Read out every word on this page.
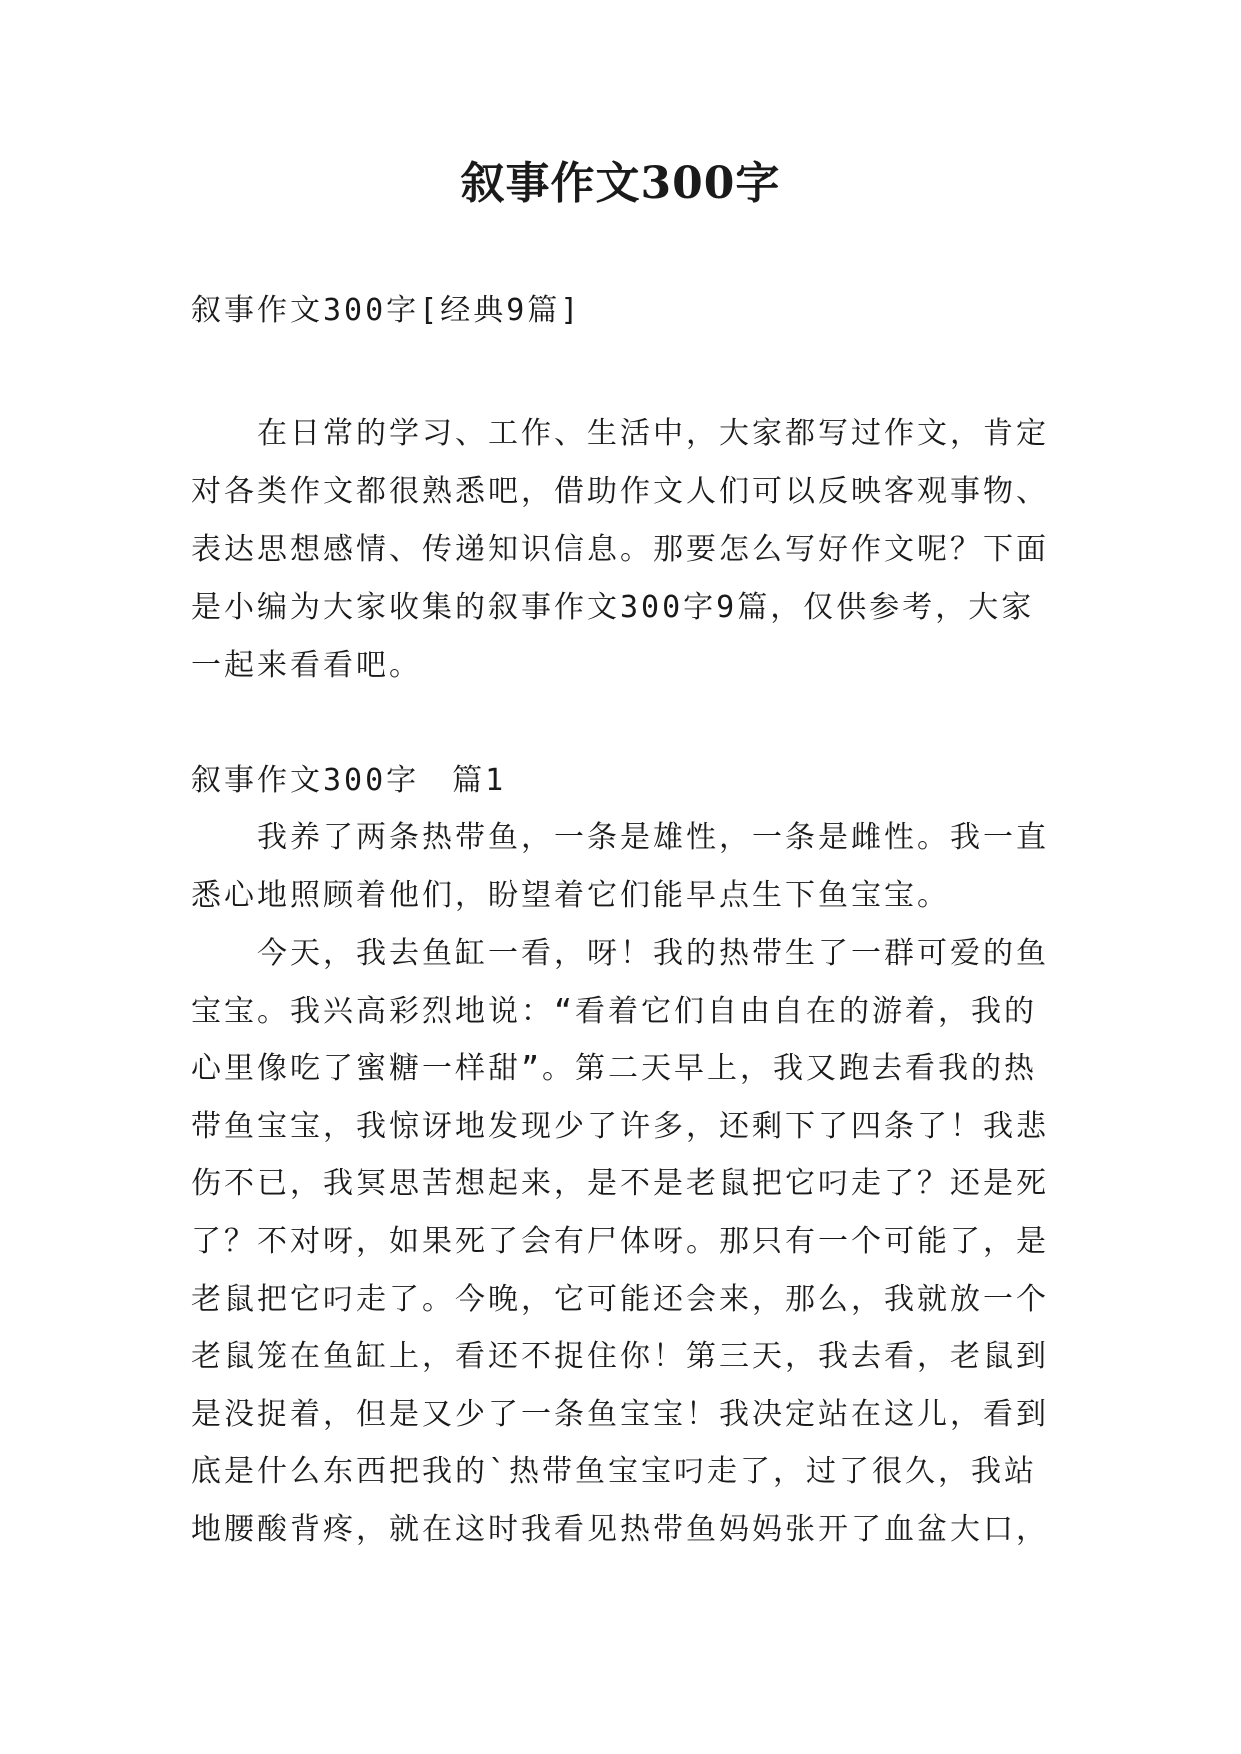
叙事作文300字

叙事作文300字[经典9篇]

在日常的学习、工作、生活中，大家都写过作文，肯定对各类作文都很熟悉吧，借助作文人们可以反映客观事物、表达思想感情、传递知识信息。那要怎么写好作文呢？下面是小编为大家收集的叙事作文300字9篇，仅供参考，大家一起来看看吧。

叙事作文300字　篇1

我养了两条热带鱼，一条是雄性，一条是雌性。我一直悉心地照顾着他们，盼望着它们能早点生下鱼宝宝。

今天，我去鱼缸一看，呀！我的热带生了一群可爱的鱼宝宝。我兴高彩烈地说：“看着它们自由自在的游着，我的心里像吃了蜜糖一样甜”。第二天早上，我又跑去看我的热带鱼宝宝，我惊讶地发现少了许多，还剩下了四条了！我悲伤不已，我冥思苦想起来，是不是老鼠把它叼走了？还是死了？不对呀，如果死了会有尸体呀。那只有一个可能了，是老鼠把它叼走了。今晚，它可能还会来，那么，我就放一个老鼠笼在鱼缸上，看还不捉住你！第三天，我去看，老鼠到是没捉着，但是又少了一条鱼宝宝！我决定站在这儿，看到底是什么东西把我的`热带鱼宝宝叼走了，过了很久，我站地腰酸背疼，就在这时我看见热带鱼妈妈张开了血盆大口，
